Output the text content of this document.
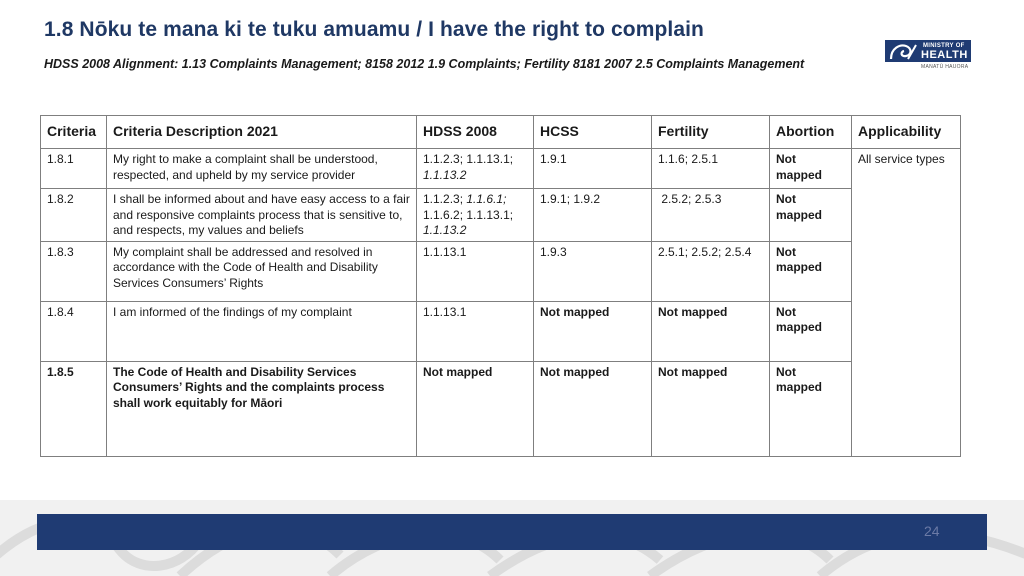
1.8 Nōku te mana ki te tuku amuamu / I have the right to complain
HDSS 2008 Alignment: 1.13 Complaints Management; 8158 2012 1.9 Complaints; Fertility 8181 2007 2.5 Complaints Management
MINISTRY OF
HEALTH
MANATŪ HAUORA
Criteria	Criteria Description 2021	HDSS 2008	HCSS	Fertility	Abortion	Applicability
1.8.1	My right to make a complaint shall be understood, respected, and upheld by my service provider	1.1.2.3; 1.1.13.1;
1.1.13.2	1.9.1	1.1.6; 2.5.1	Not mapped	All service types
1.8.2	I shall be informed about and have easy access to a fair and responsive complaints process that is sensitive to, and respects, my values and beliefs	1.1.2.3; 1.1.6.1;
1.1.6.2; 1.1.13.1;
1.1.13.2	1.9.1; 1.9.2	2.5.2; 2.5.3	Not mapped	
1.8.3	My complaint shall be addressed and resolved in accordance with the Code of Health and Disability Services Consumers’ Rights	1.1.13.1	1.9.3	2.5.1; 2.5.2; 2.5.4	Not mapped	
1.8.4	I am informed of the findings of my complaint	1.1.13.1	Not mapped	Not mapped	Not mapped	
1.8.5	The Code of Health and Disability Services Consumers’ Rights and the complaints process shall work equitably for Māori	Not mapped	Not mapped	Not mapped	Not mapped	
24
